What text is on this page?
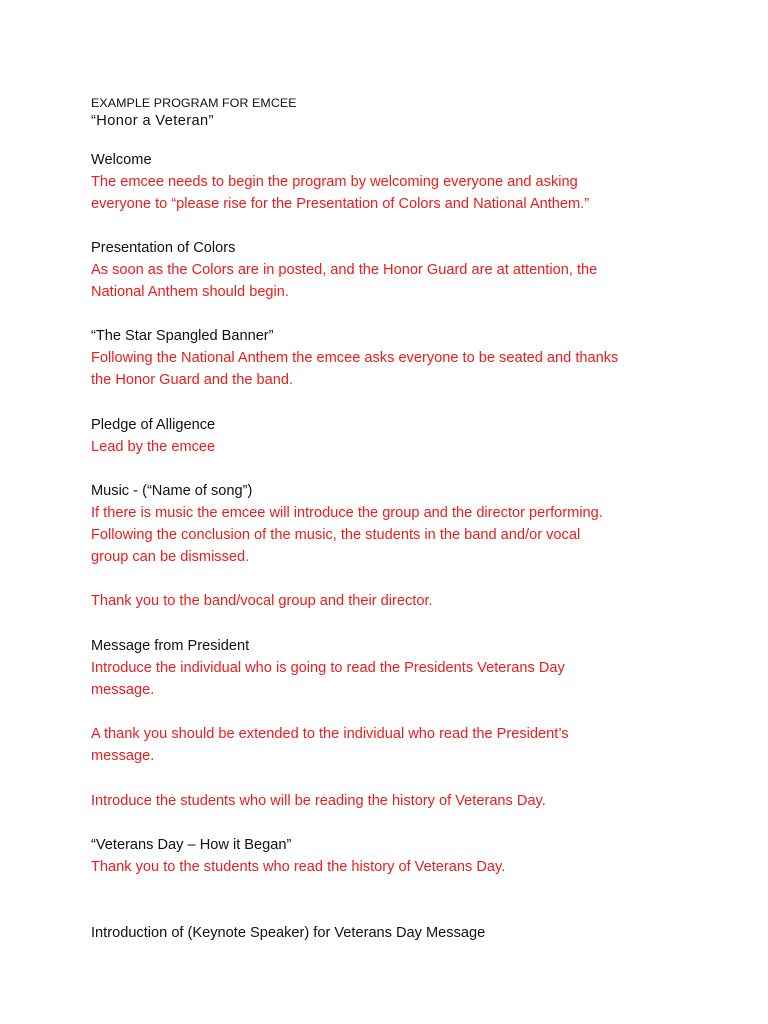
EXAMPLE PROGRAM FOR EMCEE
“Honor a Veteran”
Welcome
The emcee needs to begin the program by welcoming everyone and asking
everyone to “please rise for the Presentation of Colors and National Anthem.”
Presentation of Colors
As soon as the Colors are in posted, and the Honor Guard are at attention, the
National Anthem should begin.
“The Star Spangled Banner”
Following the National Anthem the emcee asks everyone to be seated and thanks
the Honor Guard and the band.
Pledge of Alligence
Lead by the emcee
Music - (“Name of song”)
If there is music the emcee will introduce the group and the director performing.
Following the conclusion of the music, the students in the band and/or vocal
group can be dismissed.
Thank you to the band/vocal group and their director.
Message from President
Introduce the individual who is going to read the Presidents Veterans Day
message.
A thank you should be extended to the individual who read the President’s
message.
Introduce the students who will be reading the history of Veterans Day.
“Veterans Day – How it Began”
Thank you to the students who read the history of Veterans Day.
Introduction of (Keynote Speaker) for Veterans Day Message
